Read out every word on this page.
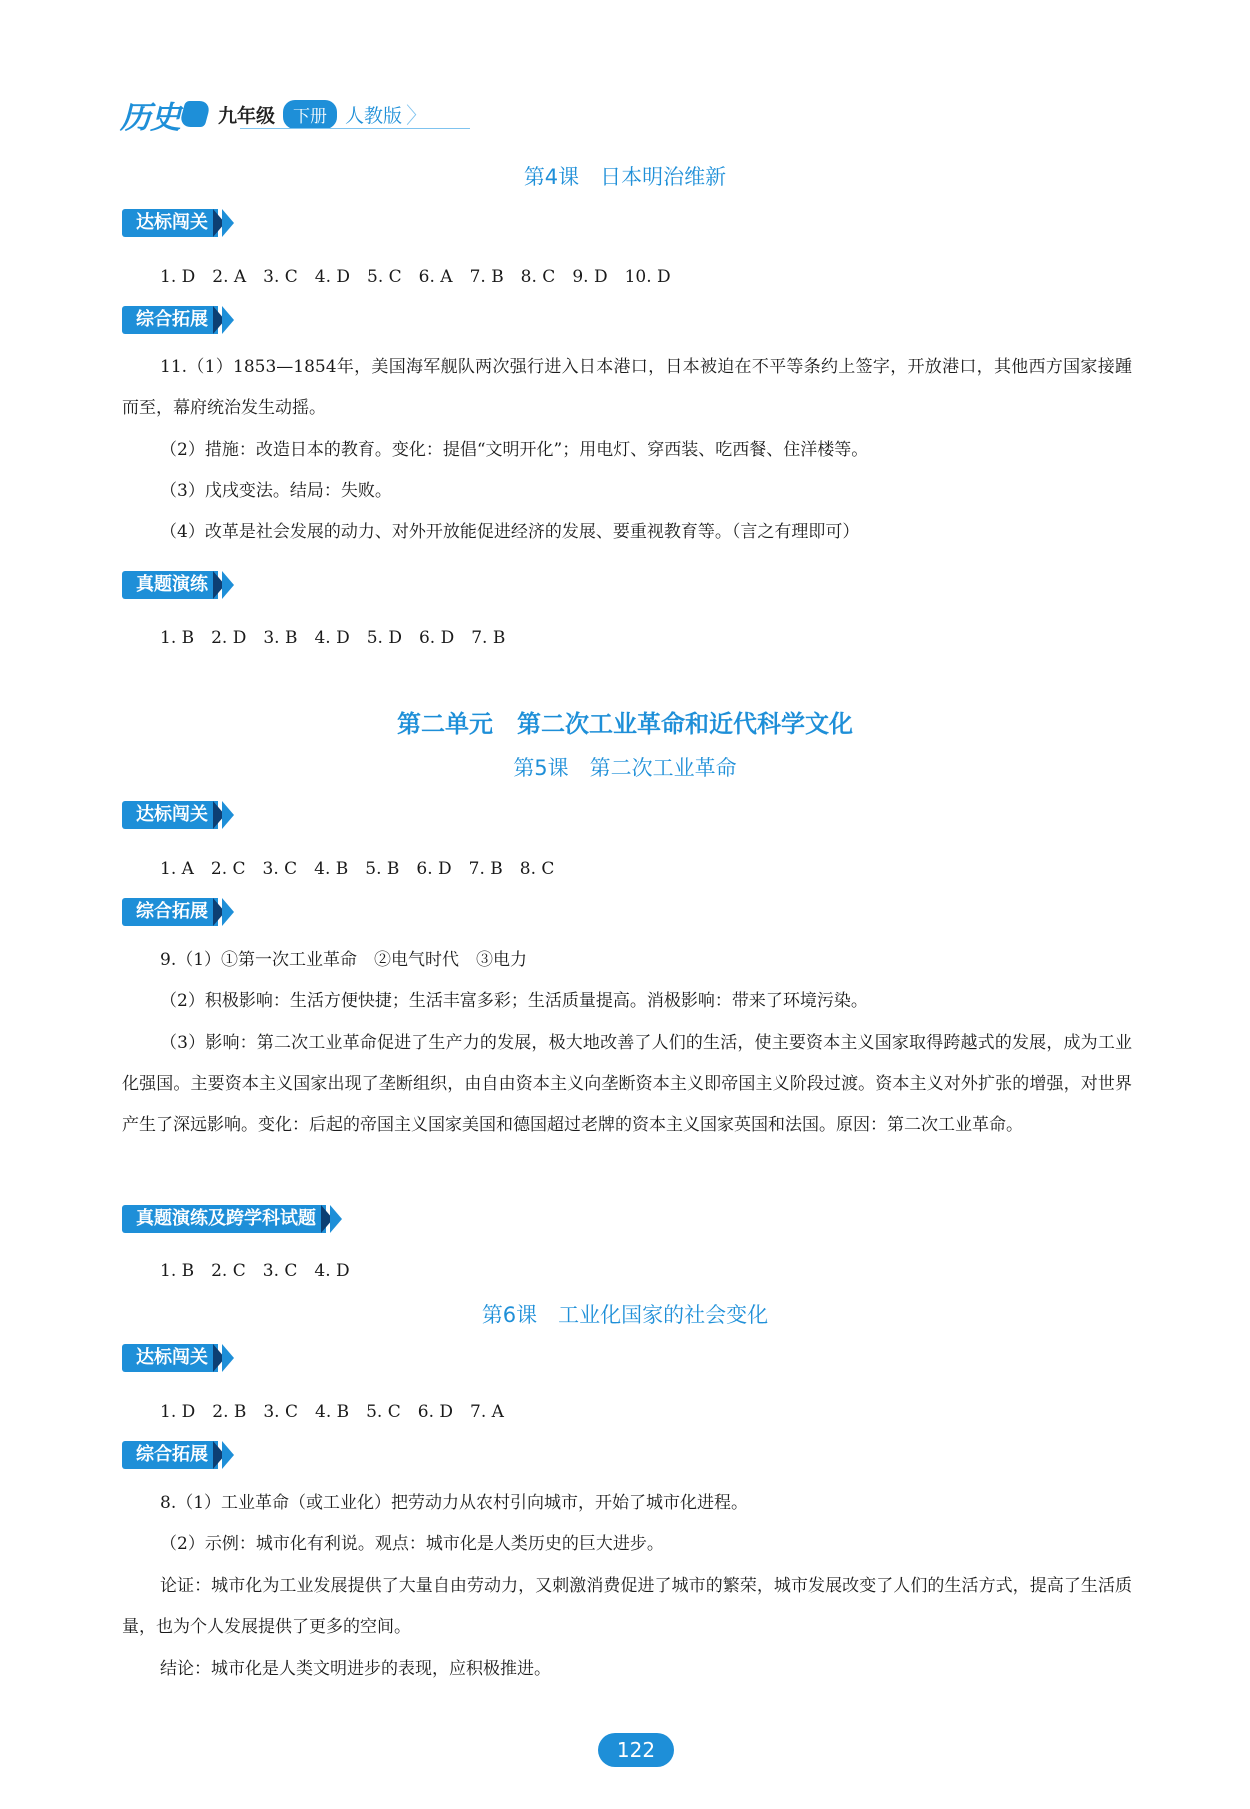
历史 九年级	下册 人教版 〉
第4课　日本明治维新
达标闯关
1. D　2. A　3. C　4. D　5. C　6. A　7. B　8. C　9. D　10. D
综合拓展
11.（1）1853—1854年，美国海军舰队两次强行进入日本港口，日本被迫在不平等条约上签字，开放港口，其他西方国家接踵而至，幕府统治发生动摇。
（2）措施：改造日本的教育。变化：提倡“文明开化”；用电灯、穿西装、吃西餐、住洋楼等。
（3）戊戌变法。结局：失败。
（4）改革是社会发展的动力、对外开放能促进经济的发展、要重视教育等。（言之有理即可）
真题演练
1. B　2. D　3. B　4. D　5. D　6. D　7. B
第二单元　第二次工业革命和近代科学文化
第5课　第二次工业革命
达标闯关
1. A　2. C　3. C　4. B　5. B　6. D　7. B　8. C
综合拓展
9.（1）①第一次工业革命　②电气时代　③电力
（2）积极影响：生活方便快捷；生活丰富多彩；生活质量提高。消极影响：带来了环境污染。
（3）影响：第二次工业革命促进了生产力的发展，极大地改善了人们的生活，使主要资本主义国家取得跨越式的发展，成为工业化强国。主要资本主义国家出现了垄断组织，由自由资本主义向垄断资本主义即帝国主义阶段过渡。资本主义对外扩张的增强，对世界产生了深远影响。变化：后起的帝国主义国家美国和德国超过老牌的资本主义国家英国和法国。原因：第二次工业革命。
真题演练及跨学科试题
1. B　2. C　3. C　4. D
第6课　工业化国家的社会变化
达标闯关
1. D　2. B　3. C　4. B　5. C　6. D　7. A
综合拓展
8.（1）工业革命（或工业化）把劳动力从农村引向城市，开始了城市化进程。
（2）示例：城市化有利说。观点：城市化是人类历史的巨大进步。
论证：城市化为工业发展提供了大量自由劳动力，又刺激消费促进了城市的繁荣，城市发展改变了人们的生活方式，提高了生活质量，也为个人发展提供了更多的空间。
结论：城市化是人类文明进步的表现，应积极推进。
122
